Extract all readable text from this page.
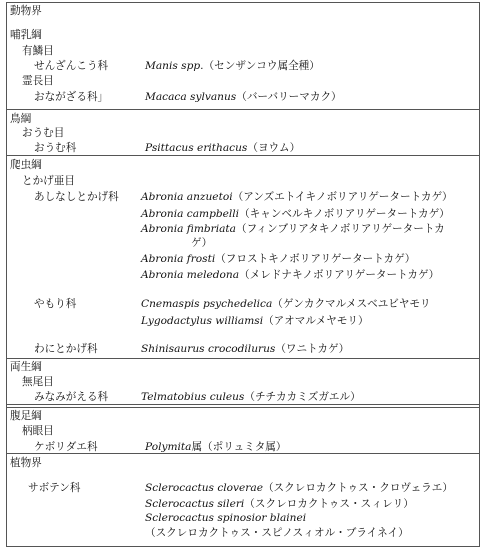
動物界
哺乳綱
有鱗目
せんざんこう科	Manis spp.（センザンコウ属全種）
霊長目
おながざる科」	Macaca sylvanus（バーバリーマカク）
鳥綱
おうむ目
おうむ科	Psittacus erithacus（ヨウム）
爬虫綱
とかげ亜目
あしなしとかげ科 Abronia anzuetoi（アンズエトイキノボリアリゲータートカゲ）
Abronia campbelli（キャンベルキノボリアリゲータートカゲ）
Abronia fimbriata（フィンブリアタキノボリアリゲータートカ
ゲ）
Abronia frosti（フロストキノボリアリゲータートカゲ）
Abronia meledona（メレドナキノボリアリゲータートカゲ）
やもり科	Cnemaspis psychedelica（ゲンカクマルメスベユビヤモリ
Lygodactylus williamsi（アオマルメヤモリ）
わにとかげ科	Shinisaurus crocodilurus（ワニトカゲ）
両生綱
無尾目
みなみがえる科	Telmatobius culeus（チチカカミズガエル）
腹足綱
柄眼目
ケボリダエ科	Polymita属（ポリュミタ属）
植物界
サボテン科	Sclerocactus cloverae（スクレロカクトゥス・クロヴェラエ）
Sclerocactus sileri（スクレロカクトゥス・スィレリ）
Sclerocactus spinosior blainei
（スクレロカクトゥス・スピノスィオル・ブライネイ）
